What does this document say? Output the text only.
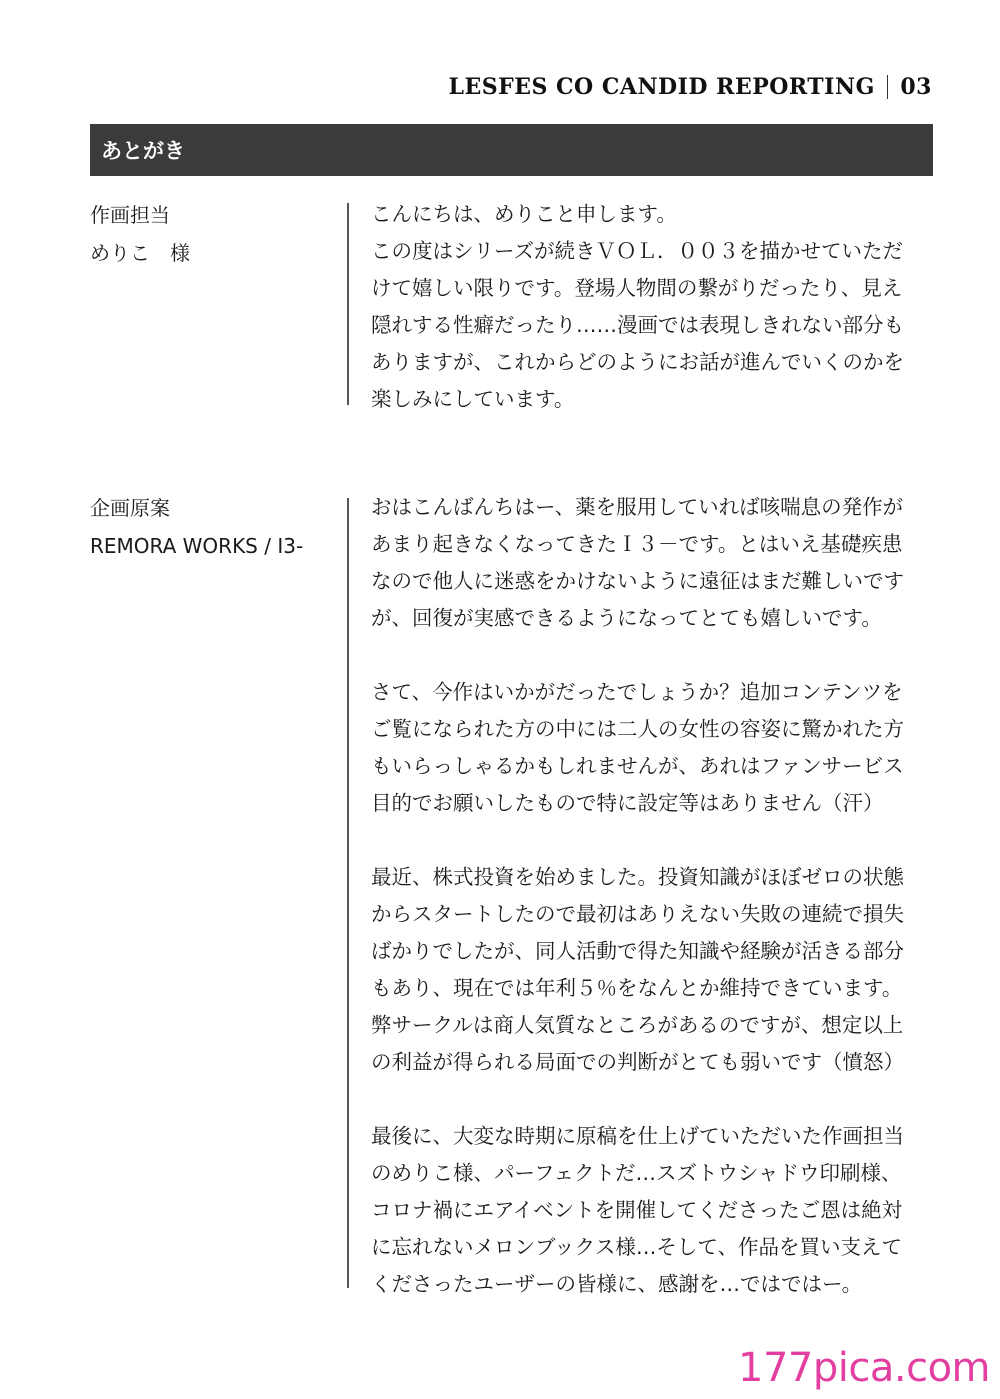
LESFES CO CANDID REPORTING 03
あとがき
作画担当
めりこ　様

こんにちは、めりこと申します。

この度はシリーズが続きＶＯＬ．００３を描かせていただ

けて嬉しい限りです。登場人物間の繋がりだったり、見え

隠れする性癖だったり……漫画では表現しきれない部分も

ありますが、これからどのようにお話が進んでいくのかを

楽しみにしています。

企画原案
REMORA WORKS / I3-

おはこんばんちはー、薬を服用していれば咳喘息の発作が

あまり起きなくなってきたＩ３－です。とはいえ基礎疾患

なので他人に迷惑をかけないように遠征はまだ難しいです

が、回復が実感できるようになってとても嬉しいです。

さて、今作はいかがだったでしょうか？追加コンテンツを

ご覧になられた方の中には二人の女性の容姿に驚かれた方

もいらっしゃるかもしれませんが、あれはファンサービス

目的でお願いしたもので特に設定等はありません（汗）

最近、株式投資を始めました。投資知識がほぼゼロの状態

からスタートしたので最初はありえない失敗の連続で損失

ばかりでしたが、同人活動で得た知識や経験が活きる部分

もあり、現在では年利５％をなんとか維持できています。

弊サークルは商人気質なところがあるのですが、想定以上

の利益が得られる局面での判断がとても弱いです（憤怒）

最後に、大変な時期に原稿を仕上げていただいた作画担当

のめりこ様、パーフェクトだ…スズトウシャドウ印刷様、

コロナ禍にエアイベントを開催してくださったご恩は絶対

に忘れないメロンブックス様…そして、作品を買い支えて

くださったユーザーの皆様に、感謝を…ではではー。

177pica.com
